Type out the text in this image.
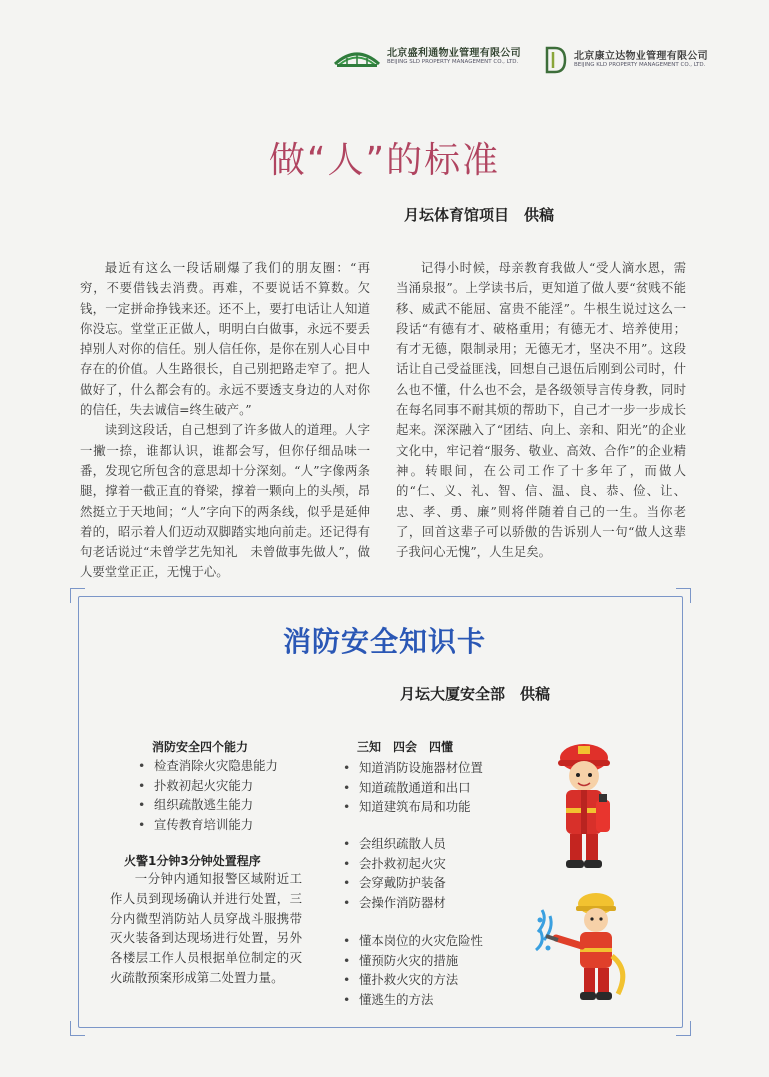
北京盛利通物业管理有限公司
BEIJING SLD PROPERTY MANAGEMENT CO., LTD.	北京康立达物业管理有限公司
BEIJING KLD PROPERTY MANAGEMENT CO., LTD.
做“人”的标准
月坛体育馆项目　供稿

最近有这么一段话刷爆了我们的朋友圈：“再穷，不要借钱去消费。再难，不要说话不算数。欠钱，一定拼命挣钱来还。还不上，要打电话让人知道你没忘。堂堂正正做人，明明白白做事，永远不要丢掉别人对你的信任。别人信任你，是你在别人心目中存在的价值。人生路很长，自己别把路走窄了。把人做好了，什么都会有的。永远不要透支身边的人对你的信任，失去诚信=终生破产。”

读到这段话，自己想到了许多做人的道理。人字一撇一捺，谁都认识，谁都会写，但你仔细品味一番，发现它所包含的意思却十分深刻。“人”字像两条腿，撑着一截正直的脊梁，撑着一颗向上的头颅，昂然挺立于天地间；“人”字向下的两条线，似乎是延伸着的，昭示着人们迈动双脚踏实地向前走。还记得有句老话说过“未曾学艺先知礼　未曾做事先做人”，做人要堂堂正正，无愧于心。

记得小时候，母亲教育我做人“受人滴水恩，需当涌泉报”。上学读书后，更知道了做人要“贫贱不能移、威武不能屈、富贵不能淫”。牛根生说过这么一段话“有德有才、破格重用；有德无才、培养使用；有才无德，限制录用；无德无才，坚决不用”。这段话让自己受益匪浅，回想自己退伍后刚到公司时，什么也不懂，什么也不会，是各级领导言传身教，同时在每名同事不耐其烦的帮助下，自己才一步一步成长起来。深深融入了“团结、向上、亲和、阳光”的企业文化中，牢记着“服务、敬业、高效、合作”的企业精神。转眼间，在公司工作了十多年了，而做人的“仁、义、礼、智、信、温、良、恭、俭、让、忠、孝、勇、廉”则将伴随着自己的一生。当你老了，回首这辈子可以骄傲的告诉别人一句“做人这辈子我问心无愧”，人生足矣。

消防安全知识卡
月坛大厦安全部　供稿
消防安全四个能力
• 检查消除火灾隐患能力
• 扑救初起火灾能力
• 组织疏散逃生能力
• 宣传教育培训能力
火警1分钟3分钟处置程序

一分钟内通知报警区域附近工作人员到现场确认并进行处置，三分内微型消防站人员穿战斗服携带灭火装备到达现场进行处置，另外各楼层工作人员根据单位制定的灭火疏散预案形成第二处置力量。

三知　四会　四懂
• 知道消防设施器材位置
• 知道疏散通道和出口
• 知道建筑布局和功能
• 会组织疏散人员
• 会扑救初起火灾
• 会穿戴防护装备
• 会操作消防器材
• 懂本岗位的火灾危险性
• 懂预防火灾的措施
• 懂扑救火灾的方法
• 懂逃生的方法
